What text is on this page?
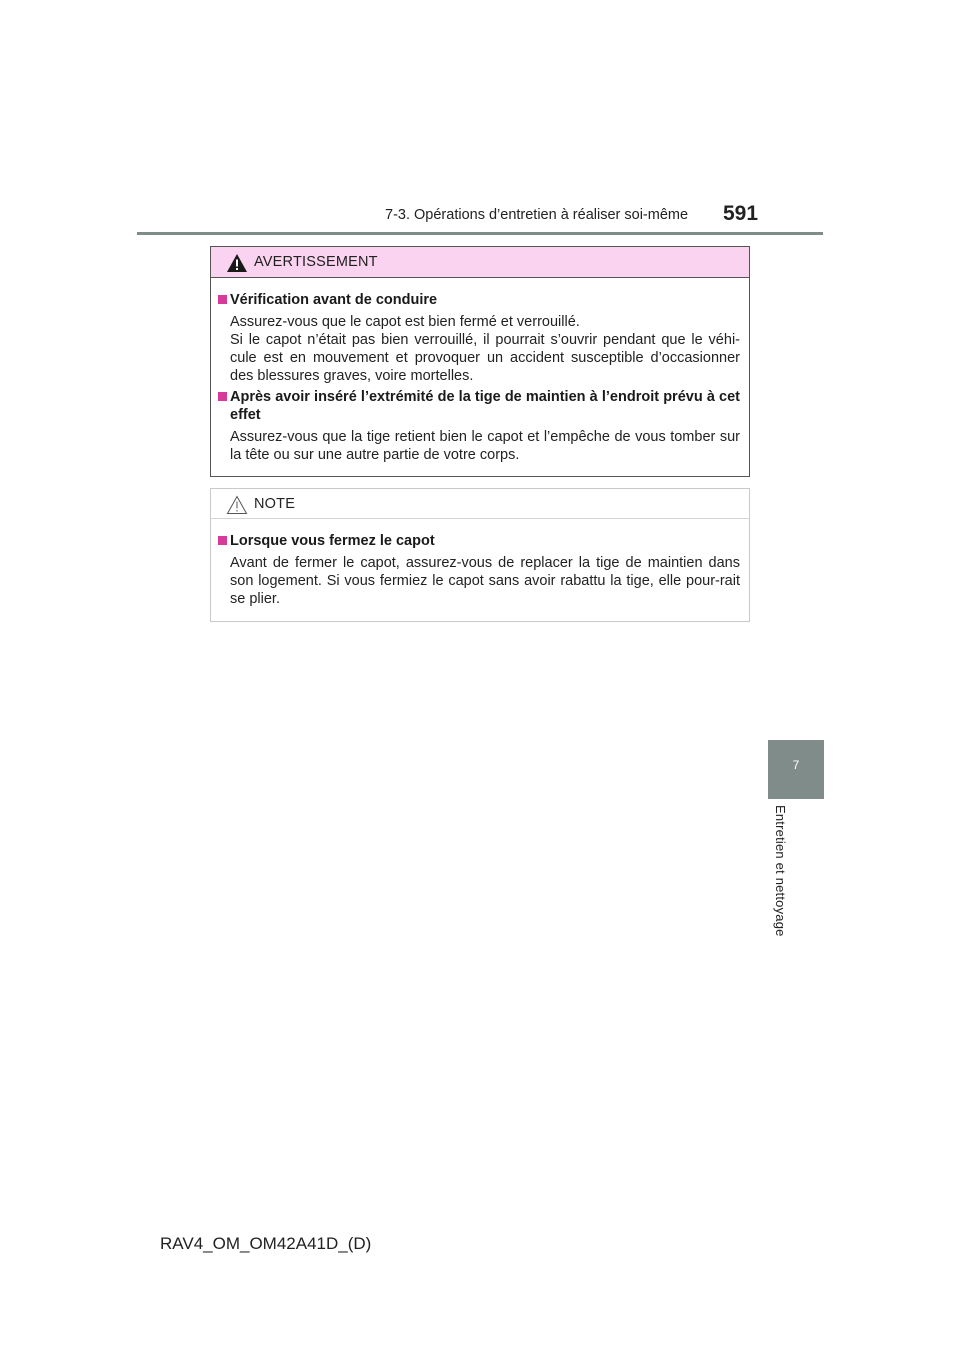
7-3. Opérations d’entretien à réaliser soi-même 591
AVERTISSEMENT
Vérification avant de conduire

Assurez-vous que le capot est bien fermé et verrouillé.

Si le capot n’était pas bien verrouillé, il pourrait s’ouvrir pendant que le véhi-cule est en mouvement et provoquer un accident susceptible d’occasionner des blessures graves, voire mortelles.

Après avoir inséré l’extrémité de la tige de maintien à l’endroit prévu à cet effet

Assurez-vous que la tige retient bien le capot et l’empêche de vous tomber sur la tête ou sur une autre partie de votre corps.

NOTE
Lorsque vous fermez le capot

Avant de fermer le capot, assurez-vous de replacer la tige de maintien dans son logement. Si vous fermiez le capot sans avoir rabattu la tige, elle pour-rait se plier.

7
Entretien et nettoyage
RAV4_OM_OM42A41D_(D)
